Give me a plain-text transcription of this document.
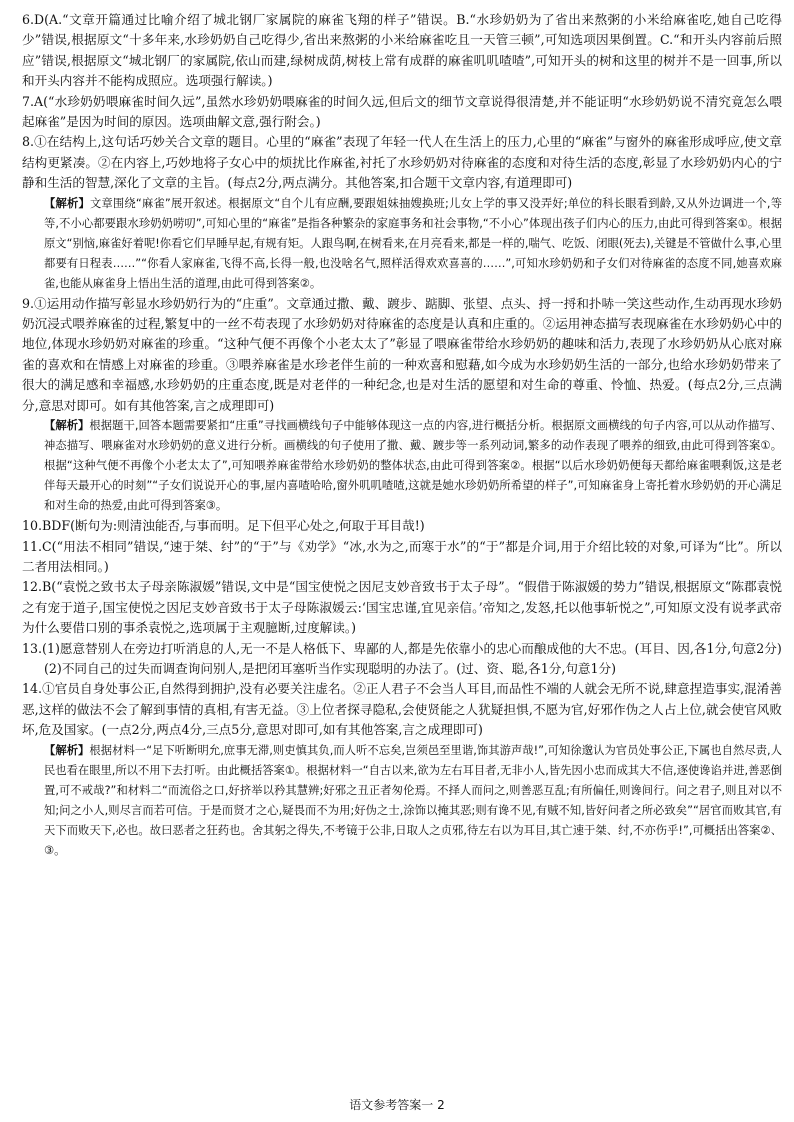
6.D(A.“文章开篇通过比喻介绍了城北钢厂家属院的麻雀飞翔的样子”错误。B.“水珍奶奶为了省出来熬粥的小米给麻雀吃,她自己吃得少”错误,根据原文“十多年来,水珍奶奶自己吃得少,省出来熬粥的小米给麻雀吃且一天管三顿”,可知选项因果倒置。C.“和开头内容前后照应”错误,根据原文“城北钢厂的家属院,依山而建,绿树成荫,树枝上常有成群的麻雀叽叽喳喳”,可知开头的树和这里的树并不是一回事,所以和开头内容并不能构成照应。选项强行解读。)
7.A(“水珍奶奶喂麻雀时间久远”,虽然水珍奶奶喂麻雀的时间久远,但后文的细节文章说得很清楚,并不能证明“水珍奶奶说不清究竟怎么喂起麻雀”是因为时间的原因。选项曲解文意,强行附会。)
8.①在结构上,这句话巧妙关合文章的题目。心里的“麻雀”表现了年轻一代人在生活上的压力,心里的“麻雀”与窗外的麻雀形成呼应,使文章结构更紧凑。②在内容上,巧妙地将子女心中的烦扰比作麻雀,衬托了水珍奶奶对待麻雀的态度和对待生活的态度,彰显了水珍奶奶内心的宁静和生活的智慧,深化了文章的主旨。(每点2分,两点满分。其他答案,扣合题干文章内容,有道理即可)
【解析】文章围绕“麻雀”展开叙述。根据原文“自个儿有应酬,要跟姐妹抽嫂换班;儿女上学的事又没弄好;单位的科长眼看到龄,又从外边调进一个,等等,不小心都要跟水珍奶奶唠叨”,可知心里的“麻雀”是指各种繁杂的家庭事务和社会事物,“不小心”体现出孩子们内心的压力,由此可得到答案①。根据原文“别恼,麻雀好着呢!你看它们早睡早起,有规有矩。人跟鸟啊,在树看来,在月亮看来,都是一样的,喘气、吃饭、闭眼(死去),关键是不管做什么事,心里都要有日程表……”“你看人家麻雀,飞得不高,长得一般,也没啥名气,照样活得欢欢喜喜的……”,可知水珍奶奶和子女们对待麻雀的态度不同,她喜欢麻雀,也能从麻雀身上悟出生活的道理,由此可得到答案②。
9.①运用动作描写彰显水珍奶奶行为的“庄重”。文章通过撒、戴、踱步、踮脚、张望、点头、捋一捋和扑哧一笑这些动作,生动再现水珍奶奶沉浸式喂养麻雀的过程,繁复中的一丝不苟表现了水珍奶奶对待麻雀的态度是认真和庄重的。②运用神态描写表现麻雀在水珍奶奶心中的地位,体现水珍奶奶对麻雀的珍重。“这种气便不再像个小老太太了”彰显了喂麻雀带给水珍奶奶的趣味和活力,表现了水珍奶奶从心底对麻雀的喜欢和在情感上对麻雀的珍重。③喂养麻雀是水珍老伴生前的一种欢喜和慰藉,如今成为水珍奶奶生活的一部分,也给水珍奶奶带来了很大的满足感和幸福感,水珍奶奶的庄重态度,既是对老伴的一种纪念,也是对生活的愿望和对生命的尊重、怜恤、热爱。(每点2分,三点满分,意思对即可。如有其他答案,言之成理即可)
【解析】根据题干,回答本题需要紧扣“庄重”寻找画横线句子中能够体现这一点的内容,进行概括分析。根据原文画横线的句子内容,可以从动作描写、神态描写、喂麻雀对水珍奶奶的意义进行分析。画横线的句子使用了撒、戴、踱步等一系列动词,繁多的动作表现了喂养的细致,由此可得到答案①。根据“这种气便不再像个小老太太了”,可知喂养麻雀带给水珍奶奶的整体状态,由此可得到答案②。根据“以后水珍奶奶便每天都给麻雀喂剩饭,这是老伴每天最开心的时刻”“子女们说说开心的事,屋内喜喳哈哈,窗外叽叽喳喳,这就是她水珍奶奶所希望的样子”,可知麻雀身上寄托着水珍奶奶的开心满足和对生命的热爱,由此可得到答案③。
10.BDF(断句为:则清浊能否,与事而明。足下但平心处之,何取于耳目哉!)
11.C(“用法不相同”错误,“速于桀、纣”的“于”与《劝学》“冰,水为之,而寒于水”的“于”都是介词,用于介绍比较的对象,可译为“比”。所以二者用法相同。)
12.B(“袁悦之致书太子母亲陈淑媛”错误,文中是“国宝使悦之因尼支妙音致书于太子母”。“假借于陈淑媛的势力”错误,根据原文“陈郡袁悦之有宠于道子,国宝使悦之因尼支妙音致书于太子母陈淑媛云:‘国宝忠谨,宜见亲信。’帝知之,发怒,托以他事斩悦之”,可知原文没有说孝武帝为什么要借口别的事杀袁悦之,选项属于主观臆断,过度解读。)
13.(1)愿意替别人在旁边打听消息的人,无一不是人格低下、卑鄙的人,都是先依靠小的忠心而酿成他的大不忠。(耳目、因,各1分,句意2分)

(2)不同自己的过失而调查询问别人,是把闭耳塞听当作实现聪明的办法了。(过、资、聪,各1分,句意1分)

14.①官员自身处事公正,自然得到拥护,没有必要关注虚名。②正人君子不会当人耳目,而品性不端的人就会无所不说,肆意捏造事实,混淆善恶,这样的做法不会了解到事情的真相,有害无益。③上位者探寻隐私,会使贤能之人犹疑担惧,不愿为官,好邪作伪之人占上位,就会使官风败坏,危及国家。(一点2分,两点4分,三点5分,意思对即可,如有其他答案,言之成理即可)
【解析】根据材料一“足下听断明允,庶事无滞,则吏慎其负,而人听不忘矣,岂须邑至里谐,饰其游声哉!”,可知徐邈认为官员处事公正,下属也自然尽责,人民也看在眼里,所以不用下去打听。由此概括答案①。根据材料一“自古以来,欲为左右耳目者,无非小人,皆先因小忠而成其大不信,逐使谗谄并进,善恶倒置,可不戒哉?”和材料二“而流俗之口,好挤举以矜其慧辨;好邪之丑正者匆伦焉。不择人而问之,则善恶互乱;有所偏任,则谗间行。问之君子,则且对以不知;问之小人,则尽言而若可信。于是而贤才之心,疑畏而不为用;好伪之士,涂饰以掩其恶;则有谗不见,有贼不知,皆好问者之所必致矣”“居官而败其官,有天下而败天下,必也。故曰恶者之狂药也。舍其躬之得失,不考镜于公非,日取人之贞邪,待左右以为耳目,其亡速于桀、纣,不亦伤乎!”,可概括出答案②、③。
语文参考答案一 2
